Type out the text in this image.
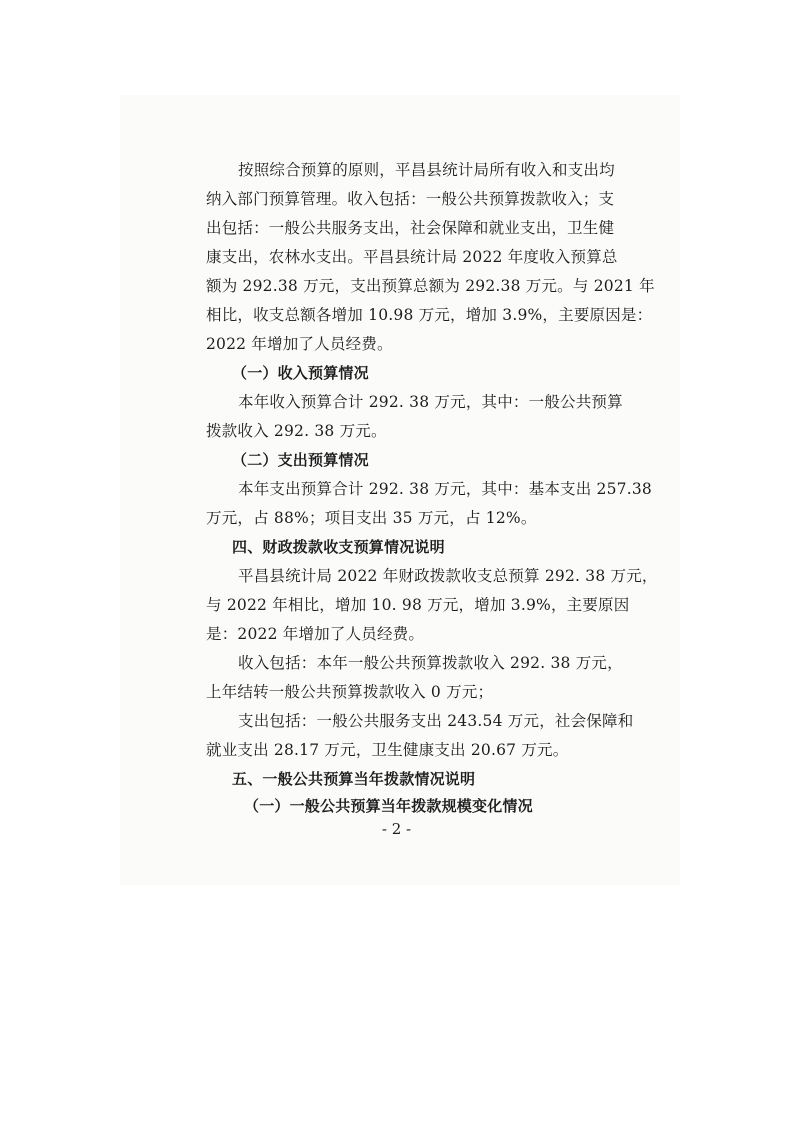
按照综合预算的原则，平昌县统计局所有收入和支出均
纳入部门预算管理。收入包括：一般公共预算拨款收入；支
出包括：一般公共服务支出，社会保障和就业支出，卫生健
康支出，农林水支出。平昌县统计局 2022 年度收入预算总
额为 292.38 万元，支出预算总额为 292.38 万元。与 2021 年
相比，收支总额各增加 10.98 万元，增加 3.9%，主要原因是：
2022 年增加了人员经费。
（一）收入预算情况
本年收入预算合计 292. 38 万元，其中：一般公共预算
拨款收入 292. 38 万元。
（二）支出预算情况
本年支出预算合计 292. 38 万元，其中：基本支出 257.38
万元，占 88%；项目支出 35 万元，占 12%。
四、财政拨款收支预算情况说明
平昌县统计局 2022 年财政拨款收支总预算 292. 38 万元，
与 2022 年相比，增加 10. 98 万元，增加 3.9%，主要原因
是：2022 年增加了人员经费。
收入包括：本年一般公共预算拨款收入 292. 38 万元，
上年结转一般公共预算拨款收入 0 万元；
支出包括：一般公共服务支出 243.54 万元，社会保障和
就业支出 28.17 万元，卫生健康支出 20.67 万元。
五、一般公共预算当年拨款情况说明
（一）一般公共预算当年拨款规模变化情况
- 2 -
